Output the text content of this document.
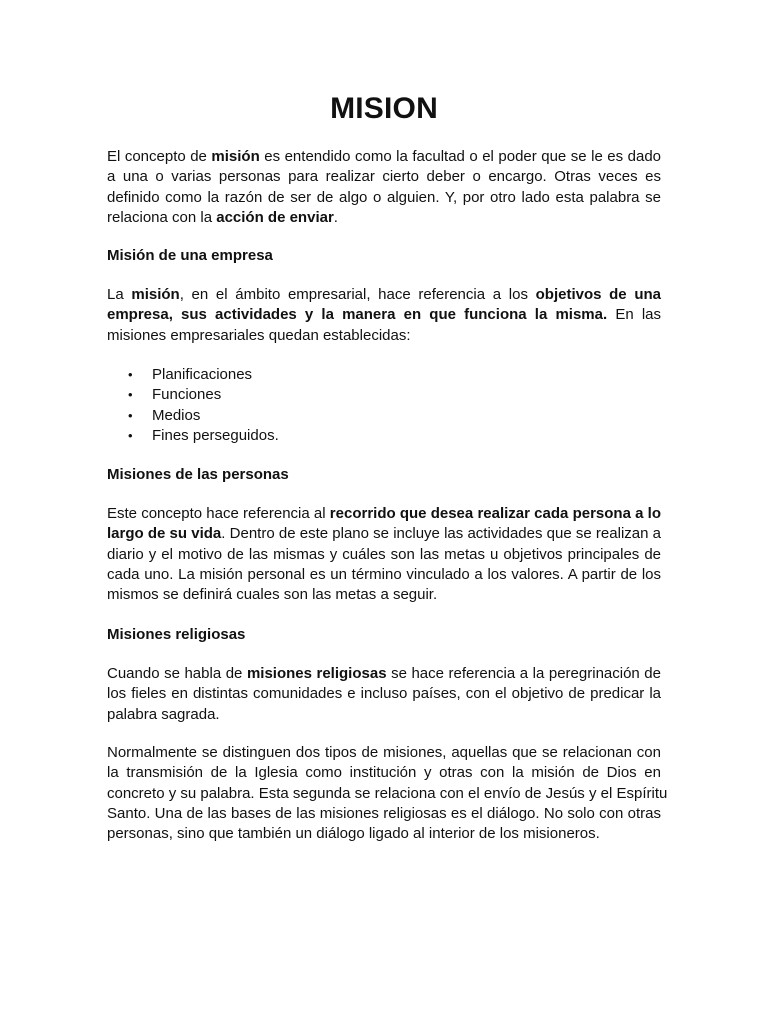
MISION

El concepto de misión es entendido como la facultad o el poder que se le es dado
a una o varias personas para realizar cierto deber o encargo. Otras veces es
definido como la razón de ser de algo o alguien. Y, por otro lado esta palabra se
relaciona con la acción de enviar.

Misión de una empresa

La misión, en el ámbito empresarial, hace referencia a los objetivos de una
empresa, sus actividades y la manera en que funciona la misma. En las
misiones empresariales quedan establecidas:

• Planificaciones
• Funciones
• Medios
• Fines perseguidos.
Misiones de las personas

Este concepto hace referencia al recorrido que desea realizar cada persona a lo
largo de su vida. Dentro de este plano se incluye las actividades que se realizan a
diario y el motivo de las mismas y cuáles son las metas u objetivos principales de
cada uno. La misión personal es un término vinculado a los valores. A partir de los
mismos se definirá cuales son las metas a seguir.

Misiones religiosas

Cuando se habla de misiones religiosas se hace referencia a la peregrinación de
los fieles en distintas comunidades e incluso países, con el objetivo de predicar la
palabra sagrada.

Normalmente se distinguen dos tipos de misiones, aquellas que se relacionan con
la transmisión de la Iglesia como institución y otras con la misión de Dios en
concreto y su palabra. Esta segunda se relaciona con el envío de Jesús y el Espíritu
Santo. Una de las bases de las misiones religiosas es el diálogo. No solo con otras
personas, sino que también un diálogo ligado al interior de los misioneros.
